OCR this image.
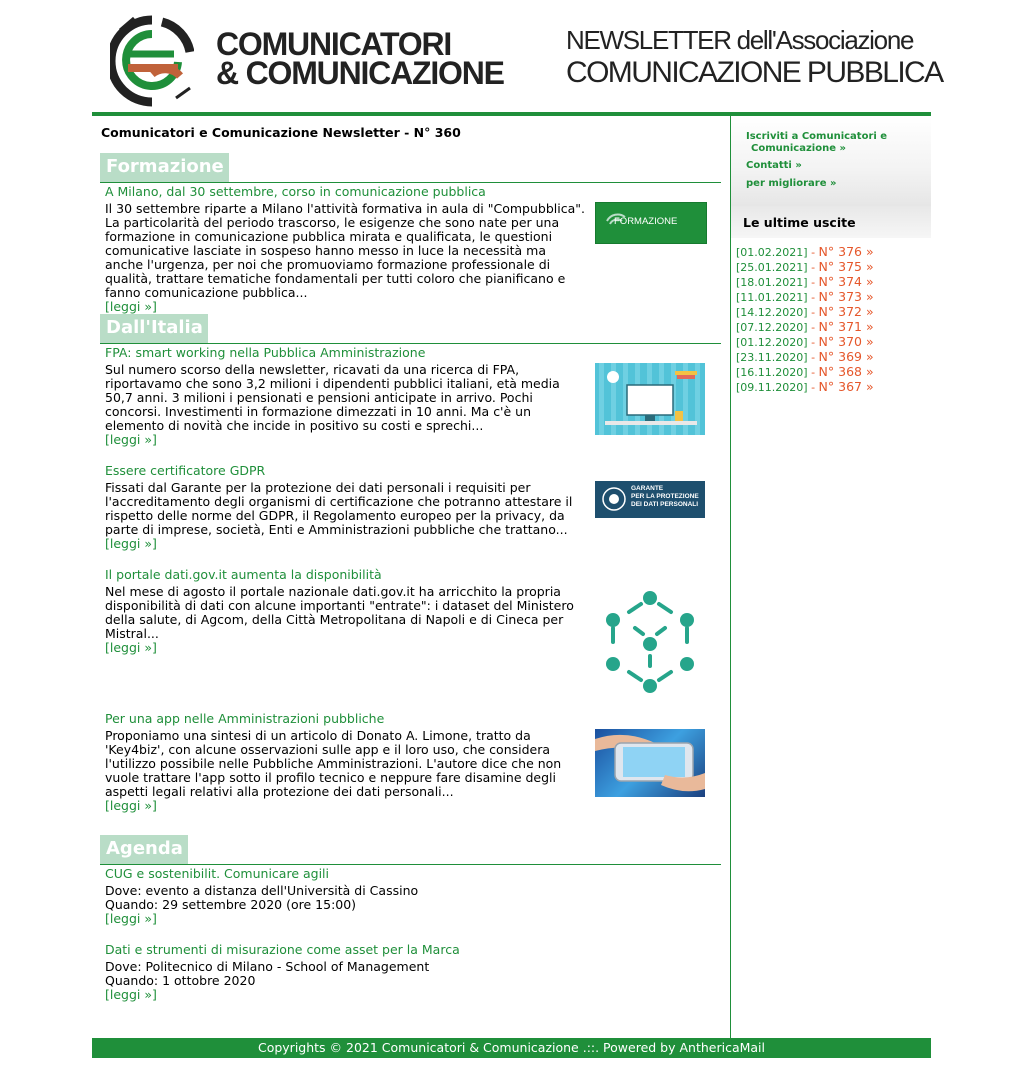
COMUNICATORI
& COMUNICAZIONE
NEWSLETTER dell'Associazione
COMUNICAZIONE PUBBLICA
Comunicatori e Comunicazione Newsletter - N° 360
Formazione
A Milano, dal 30 settembre, corso in comunicazione pubblica
Il 30 settembre riparte a Milano l'attività formativa in aula di "Compubblica". La particolarità del periodo trascorso, le esigenze che sono nate per una formazione in comunicazione pubblica mirata e qualificata, le questioni comunicative lasciate in sospeso hanno messo in luce la necessità ma anche l'urgenza, per noi che promuoviamo formazione professionale di qualità, trattare tematiche fondamentali per tutti coloro che pianificano e fanno comunicazione pubblica...
[leggi »]
FORMAZIONE
Dall'Italia
FPA: smart working nella Pubblica Amministrazione
Sul numero scorso della newsletter, ricavati da una ricerca di FPA, riportavamo che sono 3,2 milioni i dipendenti pubblici italiani, età media 50,7 anni. 3 milioni i pensionati e pensioni anticipate in arrivo. Pochi concorsi. Investimenti in formazione dimezzati in 10 anni. Ma c'è un elemento di novità che incide in positivo su costi e sprechi...
[leggi »]
Essere certificatore GDPR
Fissati dal Garante per la protezione dei dati personali i requisiti per l'accreditamento degli organismi di certificazione che potranno attestare il rispetto delle norme del GDPR, il Regolamento europeo per la privacy, da parte di imprese, società, Enti e Amministrazioni pubbliche che trattano...
[leggi »]
GARANTE
PER LA PROTEZIONE
DEI DATI PERSONALI
Il portale dati.gov.it aumenta la disponibilità
Nel mese di agosto il portale nazionale dati.gov.it ha arricchito la propria disponibilità di dati con alcune importanti "entrate": i dataset del Ministero della salute, di Agcom, della Città Metropolitana di Napoli e di Cineca per Mistral...
[leggi »]
Per una app nelle Amministrazioni pubbliche
Proponiamo una sintesi di un articolo di Donato A. Limone, tratto da 'Key4biz', con alcune osservazioni sulle app e il loro uso, che considera l'utilizzo possibile nelle Pubbliche Amministrazioni. L'autore dice che non vuole trattare l'app sotto il profilo tecnico e neppure fare disamine degli aspetti legali relativi alla protezione dei dati personali...
[leggi »]
Agenda
CUG e sostenibilit. Comunicare agili
Dove: evento a distanza dell'Università di Cassino
Quando: 29 settembre 2020 (ore 15:00)
[leggi »]
Dati e strumenti di misurazione come asset per la Marca
Dove: Politecnico di Milano - School of Management
Quando: 1 ottobre 2020
[leggi »]
Iscriviti a Comunicatori e
Comunicazione »
Contatti »
per migliorare »
Le ultime uscite
[01.02.2021] - N° 376 »
[25.01.2021] - N° 375 »
[18.01.2021] - N° 374 »
[11.01.2021] - N° 373 »
[14.12.2020] - N° 372 »
[07.12.2020] - N° 371 »
[01.12.2020] - N° 370 »
[23.11.2020] - N° 369 »
[16.11.2020] - N° 368 »
[09.11.2020] - N° 367 »
Copyrights © 2021 Comunicatori & Comunicazione .::. Powered by AnthericaMail
